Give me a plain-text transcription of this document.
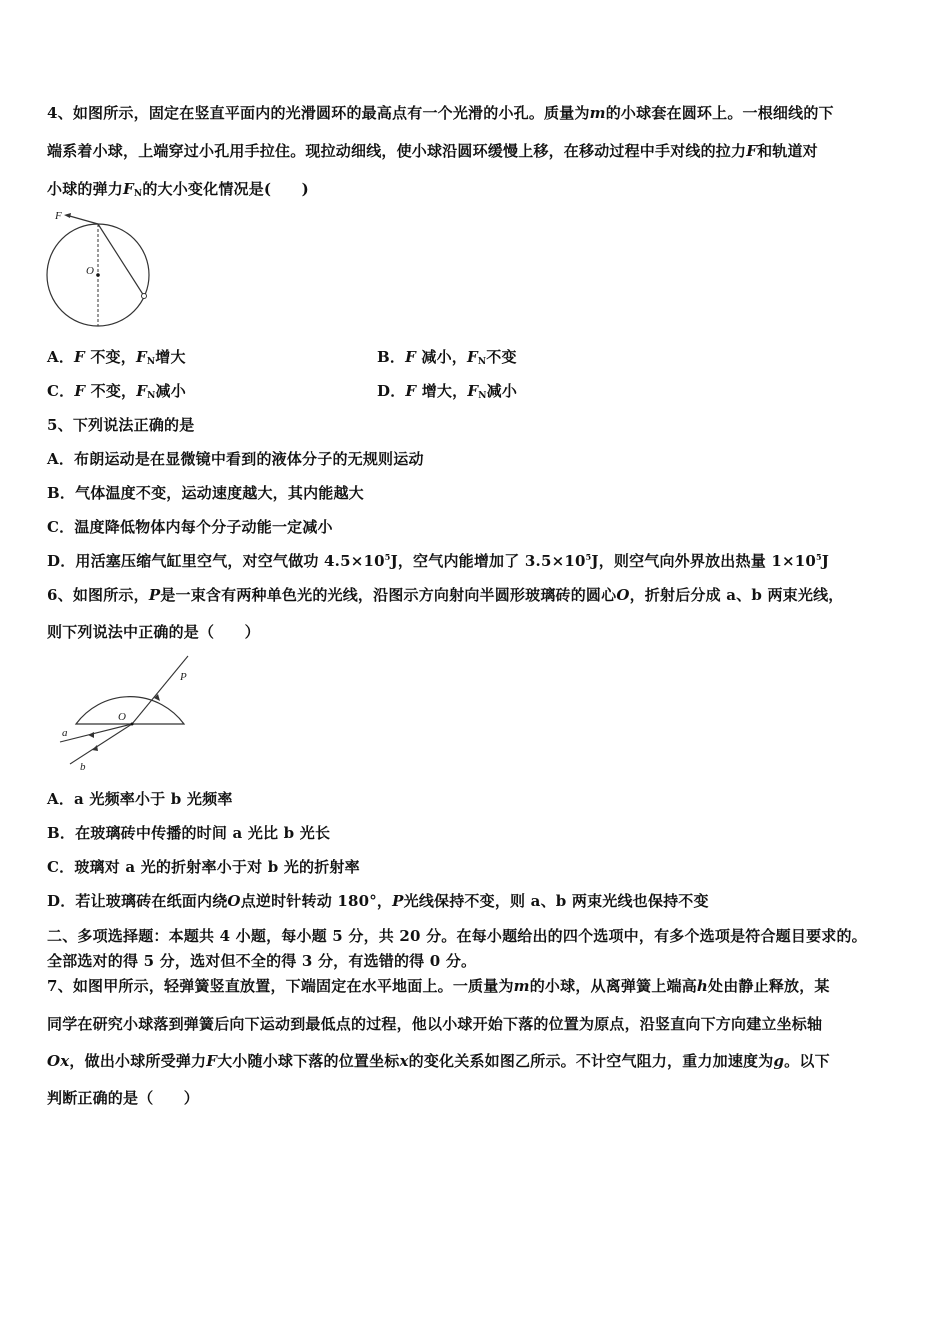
4、如图所示，固定在竖直平面内的光滑圆环的最高点有一个光滑的小孔。质量为m的小球套在圆环上。一根细线的下
端系着小球，上端穿过小孔用手拉住。现拉动细线，使小球沿圆环缓慢上移，在移动过程中手对线的拉力F和轨道对
小球的弹力$F_N$的大小变化情况是(　　)
F
O
A．F 不变，$F_N$增大	B．F 减小，$F_N$不变
C．F 不变，$F_N$减小	D．F 增大，$F_N$减小
5、下列说法正确的是
A．布朗运动是在显微镜中看到的液体分子的无规则运动
B．气体温度不变，运动速度越大，其内能越大
C．温度降低物体内每个分子动能一定减小
D．用活塞压缩气缸里空气，对空气做功 $4.5\times 10^5J$，空气内能增加了 $3.5\times 10^5J$，则空气向外界放出热量 $1\times 10^5J$
6、如图所示，P是一束含有两种单色光的光线，沿图示方向射向半圆形玻璃砖的圆心O，折射后分成 a、b 两束光线，
则下列说法中正确的是（　　）
P
O
a
b
A．a 光频率小于 b 光频率
B．在玻璃砖中传播的时间 a 光比 b 光长
C．玻璃对 a 光的折射率小于对 b 光的折射率
D．若让玻璃砖在纸面内绕O点逆时针转动 180°，P光线保持不变，则 a、b 两束光线也保持不变
二、多项选择题：本题共 4 小题，每小题 5 分，共 20 分。在每小题给出的四个选项中，有多个选项是符合题目要求的。
全部选对的得 5 分，选对但不全的得 3 分，有选错的得 0 分。
7、如图甲所示，轻弹簧竖直放置，下端固定在水平地面上。一质量为m的小球，从离弹簧上端高h处由静止释放，某
同学在研究小球落到弹簧后向下运动到最低点的过程，他以小球开始下落的位置为原点，沿竖直向下方向建立坐标轴
Ox，做出小球所受弹力F大小随小球下落的位置坐标x的变化关系如图乙所示。不计空气阻力，重力加速度为g。以下
判断正确的是（　　）
